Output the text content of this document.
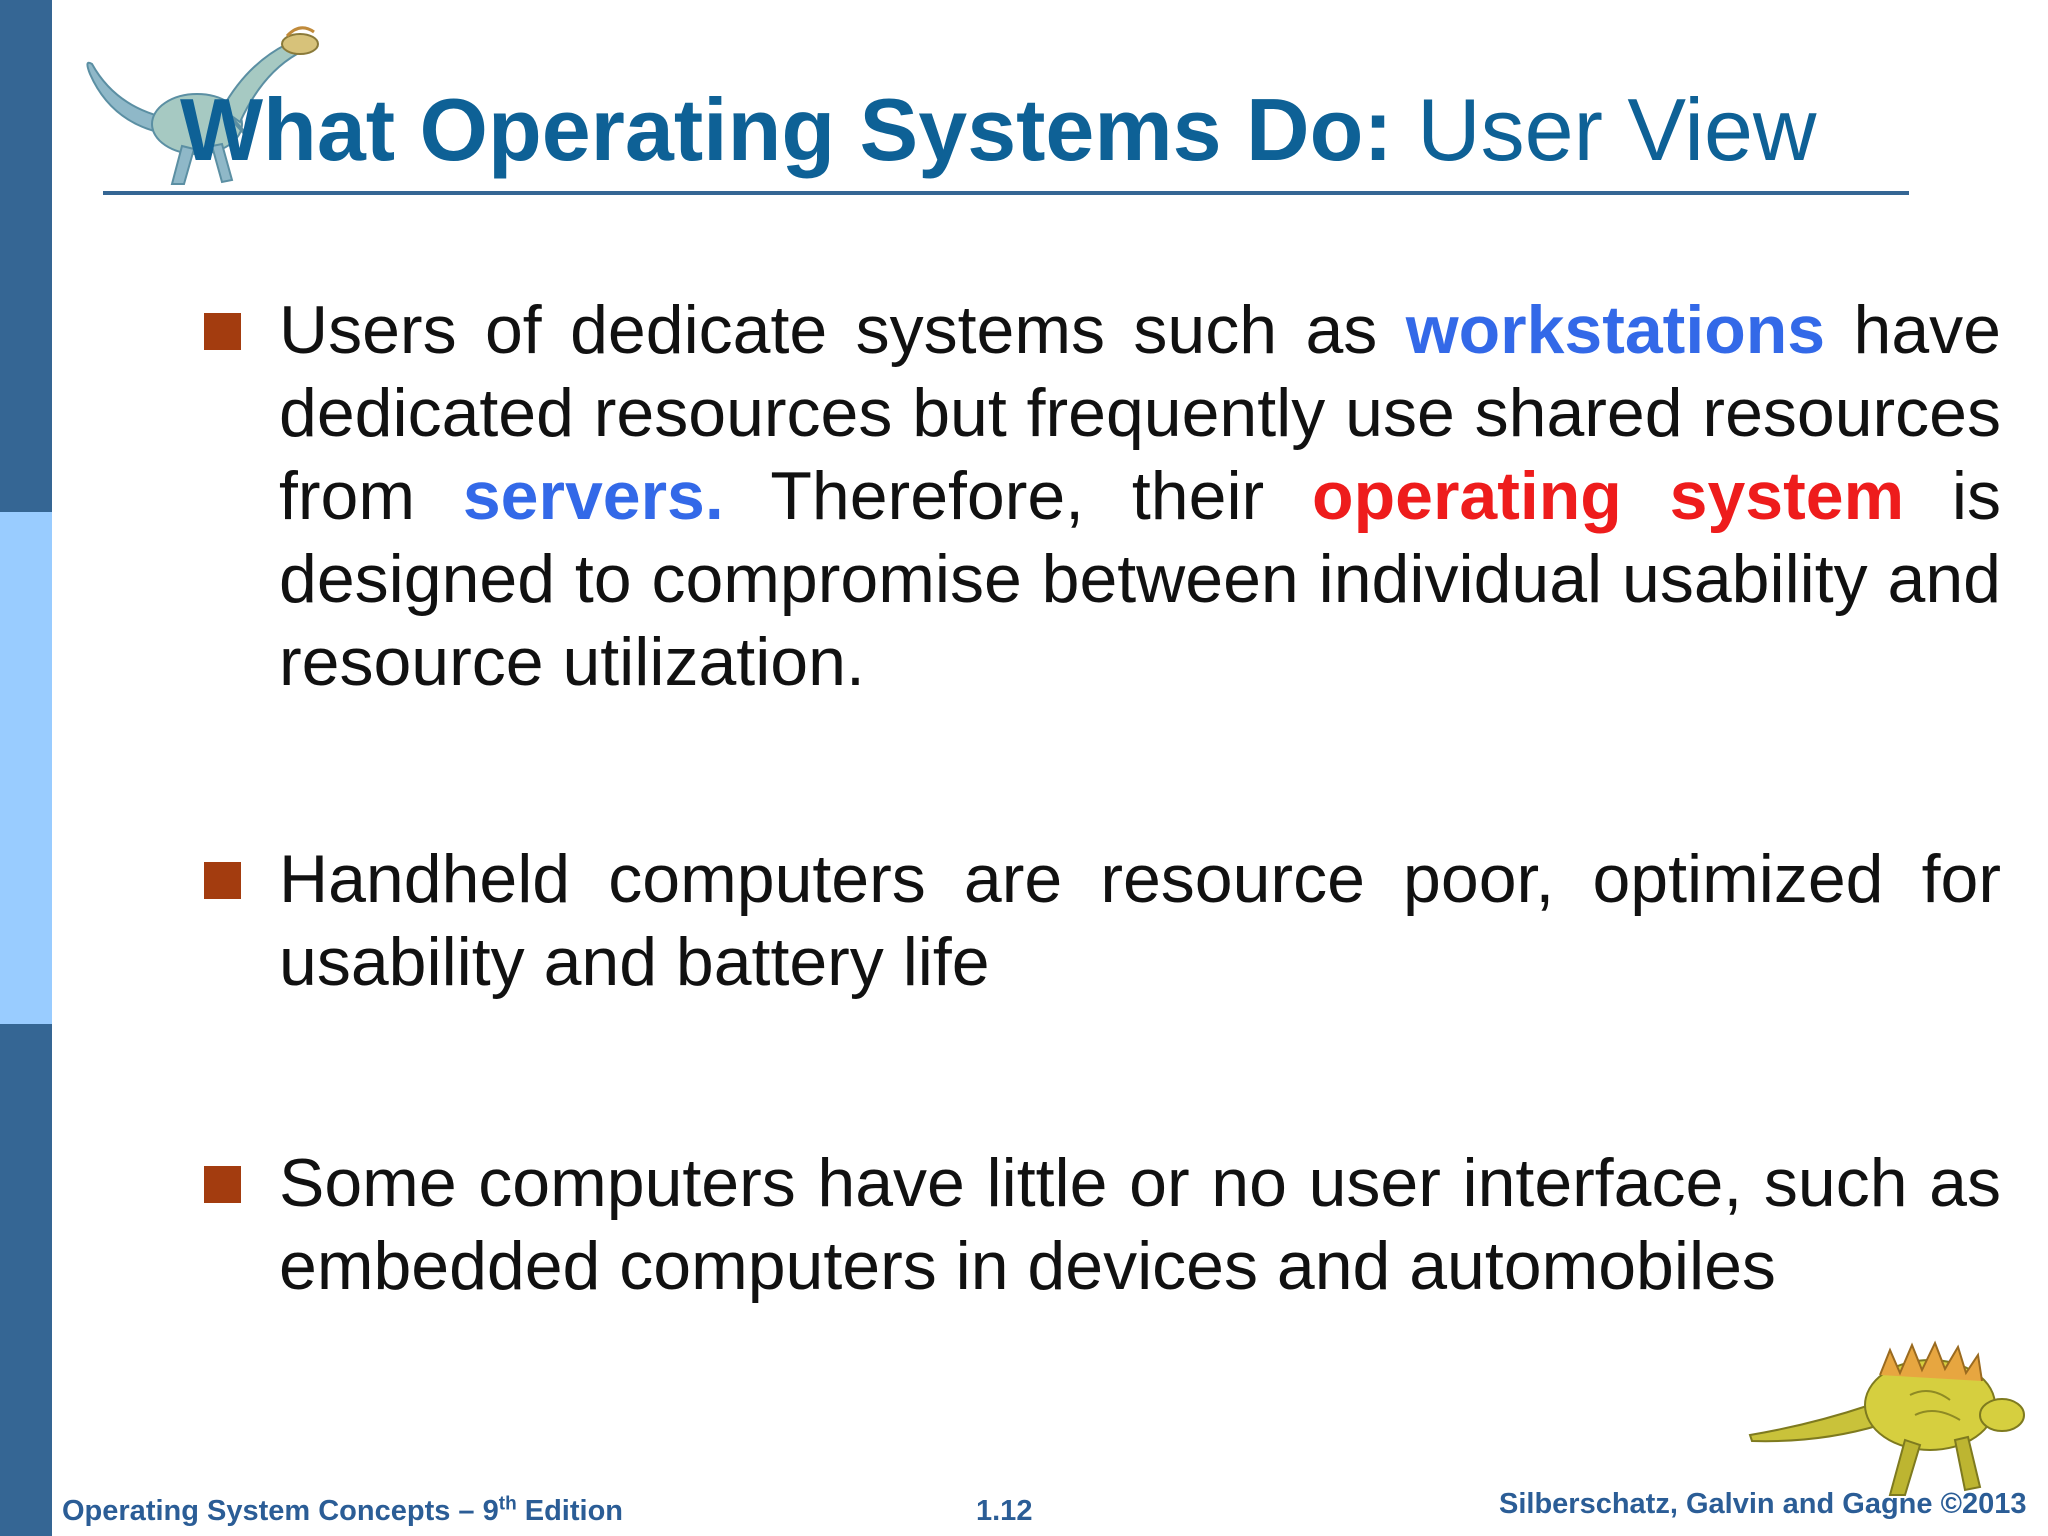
What Operating Systems Do: User View

Users of dedicate systems such as workstations have dedicated resources but frequently use shared resources from servers. Therefore, their operating system is designed to compromise between individual usability and resource utilization.

Handheld computers are resource poor, optimized for usability and battery life

Some computers have little or no user interface, such as embedded computers in devices and automobiles

Operating System Concepts – 9th Edition	1.12	Silberschatz, Galvin and Gagne ©2013
